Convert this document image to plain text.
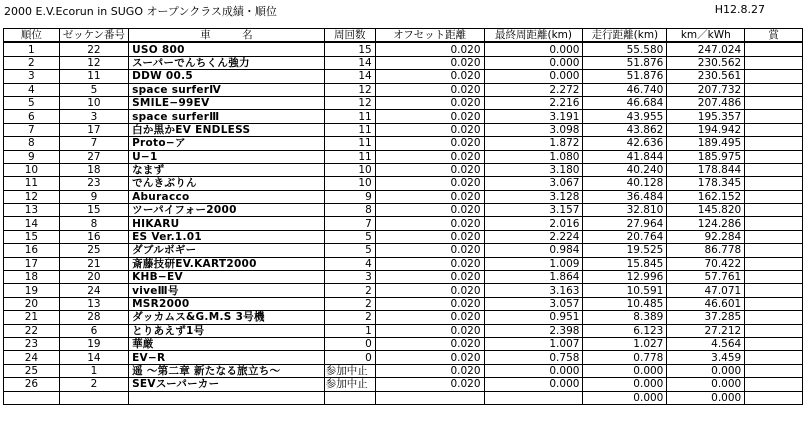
2000 E.V.Ecorun in SUGO オープンクラス成績・順位	H12.8.27
順位	ゼッケン番号	車　　　名	周回数	オフセット距離	最終周距離(km)	走行距離(km)	km／kWh	賞
1	22	USO 800	15	0.020	0.000	55.580	247.024	
2	12	スーパーでんちくん強力	14	0.020	0.000	51.876	230.562	
3	11	DDW 00.5	14	0.020	0.000	51.876	230.561	
4	5	space surferⅣ	12	0.020	2.272	46.740	207.732	
5	10	SMILE−99EV	12	0.020	2.216	46.684	207.486	
6	3	space surferⅢ	11	0.020	3.191	43.955	195.357	
7	17	白か黒かEV ENDLESS	11	0.020	3.098	43.862	194.942	
8	7	Proto−ア	11	0.020	1.872	42.636	189.495	
9	27	U−1	11	0.020	1.080	41.844	185.975	
10	18	なまず	10	0.020	3.180	40.240	178.844	
11	23	でんきぶりん	10	0.020	3.067	40.128	178.345	
12	9	Aburacco	9	0.020	3.128	36.484	162.152	
13	15	ツーパイフォー2000	8	0.020	3.157	32.810	145.820	
14	8	HIKARU	7	0.020	2.016	27.964	124.286	
15	16	ES Ver.1.01	5	0.020	2.224	20.764	92.284	
16	25	ダブルボギー	5	0.020	0.984	19.525	86.778	
17	21	斎藤技研EV.KART2000	4	0.020	1.009	15.845	70.422	
18	20	KHB−EV	3	0.020	1.864	12.996	57.761	
19	24	viveⅢ号	2	0.020	3.163	10.591	47.071	
20	13	MSR2000	2	0.020	3.057	10.485	46.601	
21	28	ダッカムス&G.M.S 3号機	2	0.020	0.951	8.389	37.285	
22	6	とりあえず1号	1	0.020	2.398	6.123	27.212	
23	19	華厳	0	0.020	1.007	1.027	4.564	
24	14	EV−R	0	0.020	0.758	0.778	3.459	
25	1	遥 〜第二章 新たなる旅立ち〜	参加中止	0.020	0.000	0.000	0.000	
26	2	SEVスーパーカー	参加中止	0.020	0.000	0.000	0.000	
						0.000	0.000	
